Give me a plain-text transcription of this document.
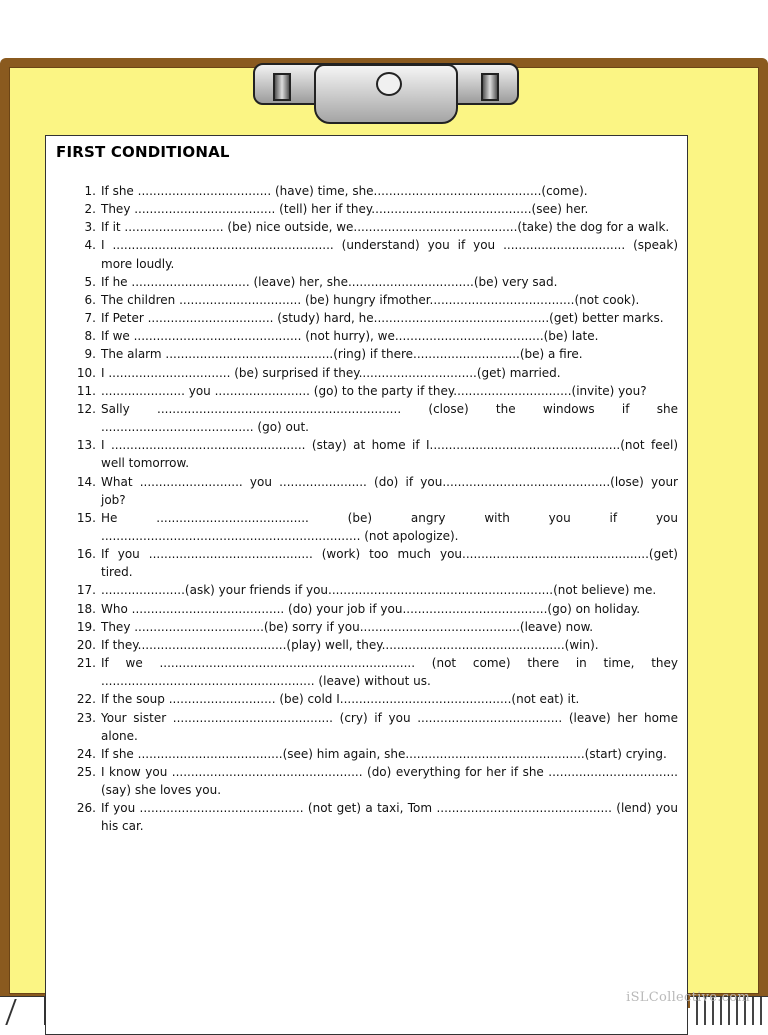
FIRST CONDITIONAL
1. If she ................................... (have) time, she............................................(come).
2. They ..................................... (tell) her if they..........................................(see) her.
3. If it .......................... (be) nice outside, we...........................................(take) the dog for a walk.
4. I .......................................................... (understand) you if you ................................ (speak) more loudly.
5. If he ............................... (leave) her, she.................................(be) very sad.
6. The children ................................ (be) hungry ifmother......................................(not cook).
7. If Peter ................................. (study) hard, he..............................................(get) better marks.
8. If we ............................................ (not hurry), we.......................................(be) late.
9. The alarm ............................................(ring) if there............................(be) a fire.
10. I ................................ (be) surprised if they...............................(get) married.
11. ...................... you ......................... (go) to the party if they...............................(invite) you?
12. Sally ................................................................ (close) the windows if she ........................................ (go) out.
13. I ................................................... (stay) at home if I..................................................(not feel) well tomorrow.
14. What ........................... you ....................... (do) if you............................................(lose) your job?
15. He ........................................ (be) angry with you if you .................................................................... (not apologize).
16. If you ........................................... (work) too much you.................................................(get) tired.
17. ......................(ask) your friends if you...........................................................(not believe) me.
18. Who ........................................ (do) your job if you......................................(go) on holiday.
19. They ..................................(be) sorry if you..........................................(leave) now.
20. If they.......................................(play) well, they................................................(win).
21. If we ................................................................... (not come) there in time, they ........................................................ (leave) without us.
22. If the soup ............................ (be) cold I.............................................(not eat) it.
23. Your sister .......................................... (cry) if you ...................................... (leave) her home alone.
24. If she ......................................(see) him again, she...............................................(start) crying.
25. I know you .................................................. (do) everything for her if she .................................. (say) she loves you.
26. If you ........................................... (not get) a taxi, Tom .............................................. (lend) you his car.
iSLCollective.com
